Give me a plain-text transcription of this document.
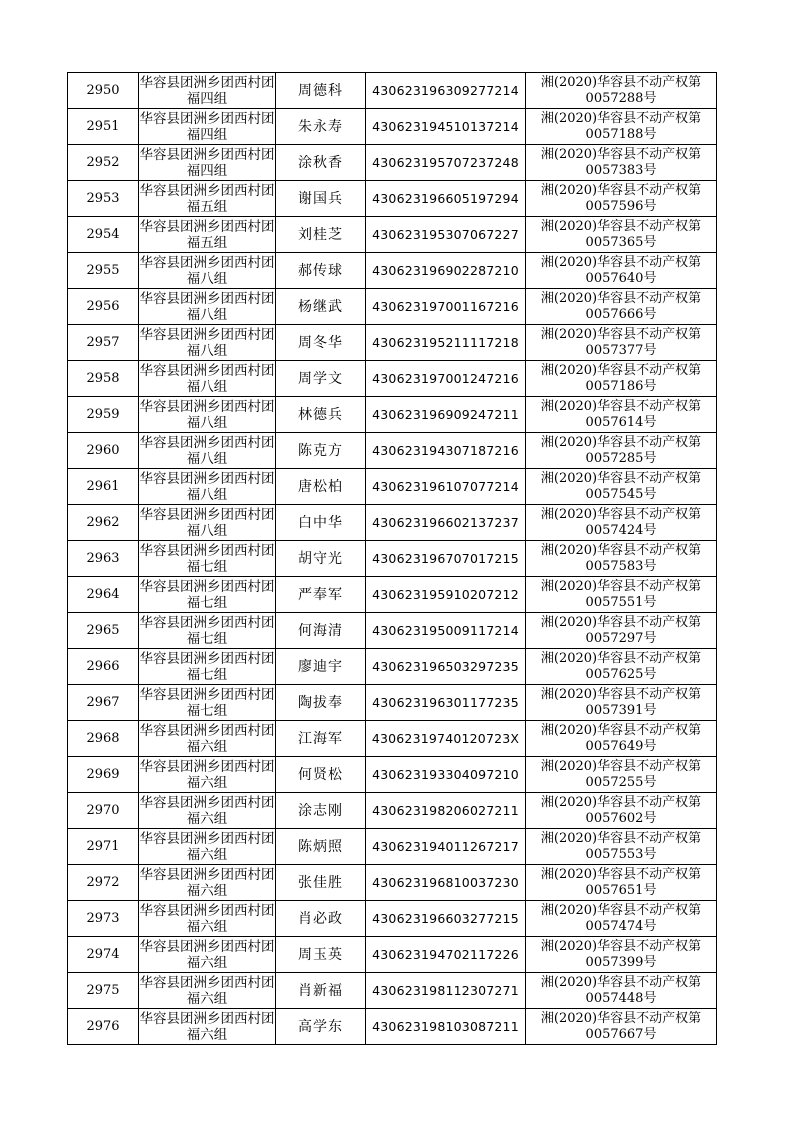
2950	华容县团洲乡团西村团福四组	周德科	430623196309277214	湘(2020)华容县不动产权第0057288号
2951	华容县团洲乡团西村团福四组	朱永寿	430623194510137214	湘(2020)华容县不动产权第0057188号
2952	华容县团洲乡团西村团福四组	涂秋香	430623195707237248	湘(2020)华容县不动产权第0057383号
2953	华容县团洲乡团西村团福五组	谢国兵	430623196605197294	湘(2020)华容县不动产权第0057596号
2954	华容县团洲乡团西村团福五组	刘桂芝	430623195307067227	湘(2020)华容县不动产权第0057365号
2955	华容县团洲乡团西村团福八组	郝传球	430623196902287210	湘(2020)华容县不动产权第0057640号
2956	华容县团洲乡团西村团福八组	杨继武	430623197001167216	湘(2020)华容县不动产权第0057666号
2957	华容县团洲乡团西村团福八组	周冬华	430623195211117218	湘(2020)华容县不动产权第0057377号
2958	华容县团洲乡团西村团福八组	周学文	430623197001247216	湘(2020)华容县不动产权第0057186号
2959	华容县团洲乡团西村团福八组	林德兵	430623196909247211	湘(2020)华容县不动产权第0057614号
2960	华容县团洲乡团西村团福八组	陈克方	430623194307187216	湘(2020)华容县不动产权第0057285号
2961	华容县团洲乡团西村团福八组	唐松柏	430623196107077214	湘(2020)华容县不动产权第0057545号
2962	华容县团洲乡团西村团福八组	白中华	430623196602137237	湘(2020)华容县不动产权第0057424号
2963	华容县团洲乡团西村团福七组	胡守光	430623196707017215	湘(2020)华容县不动产权第0057583号
2964	华容县团洲乡团西村团福七组	严奉军	430623195910207212	湘(2020)华容县不动产权第0057551号
2965	华容县团洲乡团西村团福七组	何海清	430623195009117214	湘(2020)华容县不动产权第0057297号
2966	华容县团洲乡团西村团福七组	廖迪宇	430623196503297235	湘(2020)华容县不动产权第0057625号
2967	华容县团洲乡团西村团福七组	陶拔奉	430623196301177235	湘(2020)华容县不动产权第0057391号
2968	华容县团洲乡团西村团福六组	江海军	43062319740120723X	湘(2020)华容县不动产权第0057649号
2969	华容县团洲乡团西村团福六组	何贤松	430623193304097210	湘(2020)华容县不动产权第0057255号
2970	华容县团洲乡团西村团福六组	涂志刚	430623198206027211	湘(2020)华容县不动产权第0057602号
2971	华容县团洲乡团西村团福六组	陈炳照	430623194011267217	湘(2020)华容县不动产权第0057553号
2972	华容县团洲乡团西村团福六组	张佳胜	430623196810037230	湘(2020)华容县不动产权第0057651号
2973	华容县团洲乡团西村团福六组	肖必政	430623196603277215	湘(2020)华容县不动产权第0057474号
2974	华容县团洲乡团西村团福六组	周玉英	430623194702117226	湘(2020)华容县不动产权第0057399号
2975	华容县团洲乡团西村团福六组	肖新福	430623198112307271	湘(2020)华容县不动产权第0057448号
2976	华容县团洲乡团西村团福六组	高学东	430623198103087211	湘(2020)华容县不动产权第0057667号
